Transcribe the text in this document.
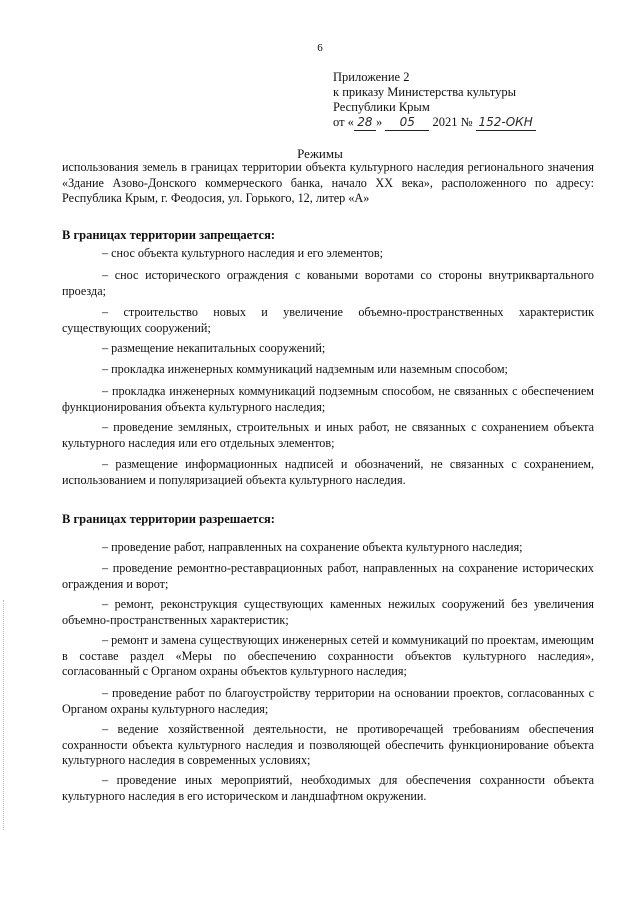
6
Приложение 2
к приказу Министерства культуры
Республики Крым
от « 28 » 05 2021 № 152-ОКН
Режимы

использования земель в границах территории объекта культурного наследия регионального значения «Здание Азово-Донского коммерческого банка, начало XX века», расположенного по адресу: Республика Крым, г. Феодосия, ул. Горького, 12, литер «А»

В границах территории запрещается:

– снос объекта культурного наследия и его элементов;

– снос исторического ограждения с коваными воротами со стороны внутриквартального проезда;

– строительство новых и увеличение объемно-пространственных характеристик существующих сооружений;

– размещение некапитальных сооружений;

– прокладка инженерных коммуникаций надземным или наземным способом;

– прокладка инженерных коммуникаций подземным способом, не связанных с обеспечением функционирования объекта культурного наследия;

– проведение земляных, строительных и иных работ, не связанных с сохранением объекта культурного наследия или его отдельных элементов;

– размещение информационных надписей и обозначений, не связанных с сохранением, использованием и популяризацией объекта культурного наследия.

В границах территории разрешается:

– проведение работ, направленных на сохранение объекта культурного наследия;

– проведение ремонтно-реставрационных работ, направленных на сохранение исторических ограждения и ворот;

– ремонт, реконструкция существующих каменных нежилых сооружений без увеличения объемно-пространственных характеристик;

– ремонт и замена существующих инженерных сетей и коммуникаций по проектам, имеющим в составе раздел «Меры по обеспечению сохранности объектов культурного наследия», согласованный с Органом охраны объектов культурного наследия;

– проведение работ по благоустройству территории на основании проектов, согласованных с Органом охраны культурного наследия;

– ведение хозяйственной деятельности, не противоречащей требованиям обеспечения сохранности объекта культурного наследия и позволяющей обеспечить функционирование объекта культурного наследия в современных условиях;

– проведение иных мероприятий, необходимых для обеспечения сохранности объекта культурного наследия в его историческом и ландшафтном окружении.
